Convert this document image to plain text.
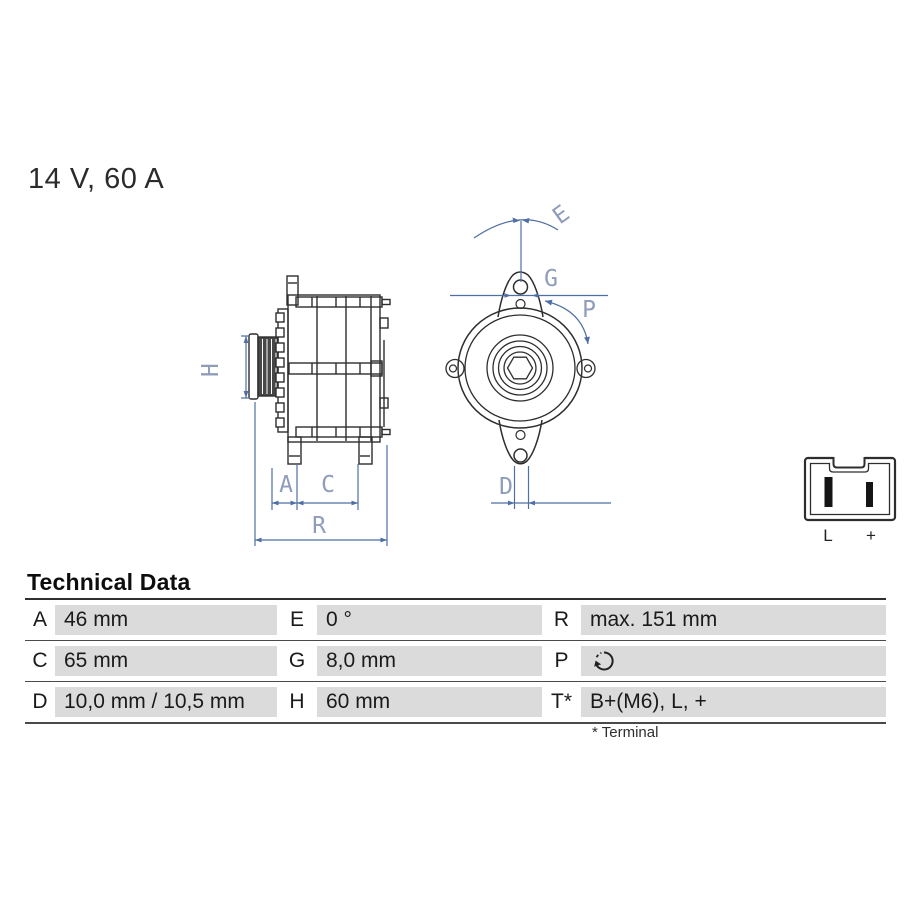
14 V, 60 A
H
A C
R
E
G
P
D
L +
Technical Data
A 46 mm	E	0 °	R max. 151 mm
C 65 mm	G 8,0 mm	P
D 10,0 mm / 10,5 mm	H	60 mm	T* B+(M6), L, +
* Terminal
